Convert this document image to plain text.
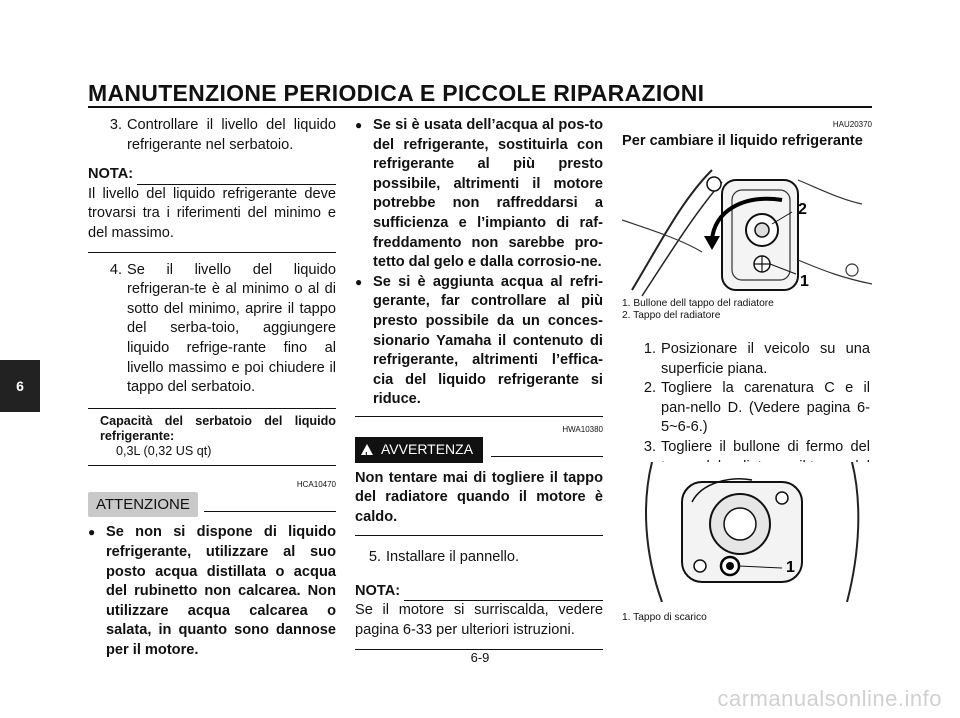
MANUTENZIONE PERIODICA E PICCOLE RIPARAZIONI
6
3. Controllare il livello del liquido refrigerante nel serbatoio.
NOTA:
Il livello del liquido refrigerante deve trovarsi tra i riferimenti del minimo e del massimo.
4. Se il livello del liquido refrigeran-te è al minimo o al di sotto del minimo, aprire il tappo del serba-toio, aggiungere liquido refrige-rante fino al livello massimo e poi chiudere il tappo del serbatoio.
Capacità del serbatoio del liquido refrigerante:
0,3L (0,32 US qt)
HCA10470
ATTENZIONE
● Se non si dispone di liquido refrigerante, utilizzare al suo posto acqua distillata o acqua del rubinetto non calcarea. Non utilizzare acqua calcarea o salata, in quanto sono dannose per il motore.
● Se si è usata dell’acqua al pos-to del refrigerante, sostituirla con refrigerante al più presto possibile, altrimenti il motore potrebbe non raffreddarsi a sufficienza e l’impianto di raf-freddamento non sarebbe pro-tetto dal gelo e dalla corrosio-ne.
● Se si è aggiunta acqua al refri-gerante, far controllare al più presto possibile da un conces-sionario Yamaha il contenuto di refrigerante, altrimenti l’effica-cia del liquido refrigerante si riduce.
HWA10380
! AVVERTENZA
Non tentare mai di togliere il tappo del radiatore quando il motore è caldo.
5. Installare il pannello.
NOTA:
Se il motore si surriscalda, vedere pagina 6-33 per ulteriori istruzioni.
HAU20370
Per cambiare il liquido refrigerante
2
1
1. Bullone dell tappo del radiatore
2. Tappo del radiatore
1. Posizionare il veicolo su una superficie piana.
2. Togliere la carenatura C e il pan-nello D. (Vedere pagina 6-5~6-6.)
3. Togliere il bullone di fermo del
1
1. Tappo di scarico
6-9
carmanualsonline.info
